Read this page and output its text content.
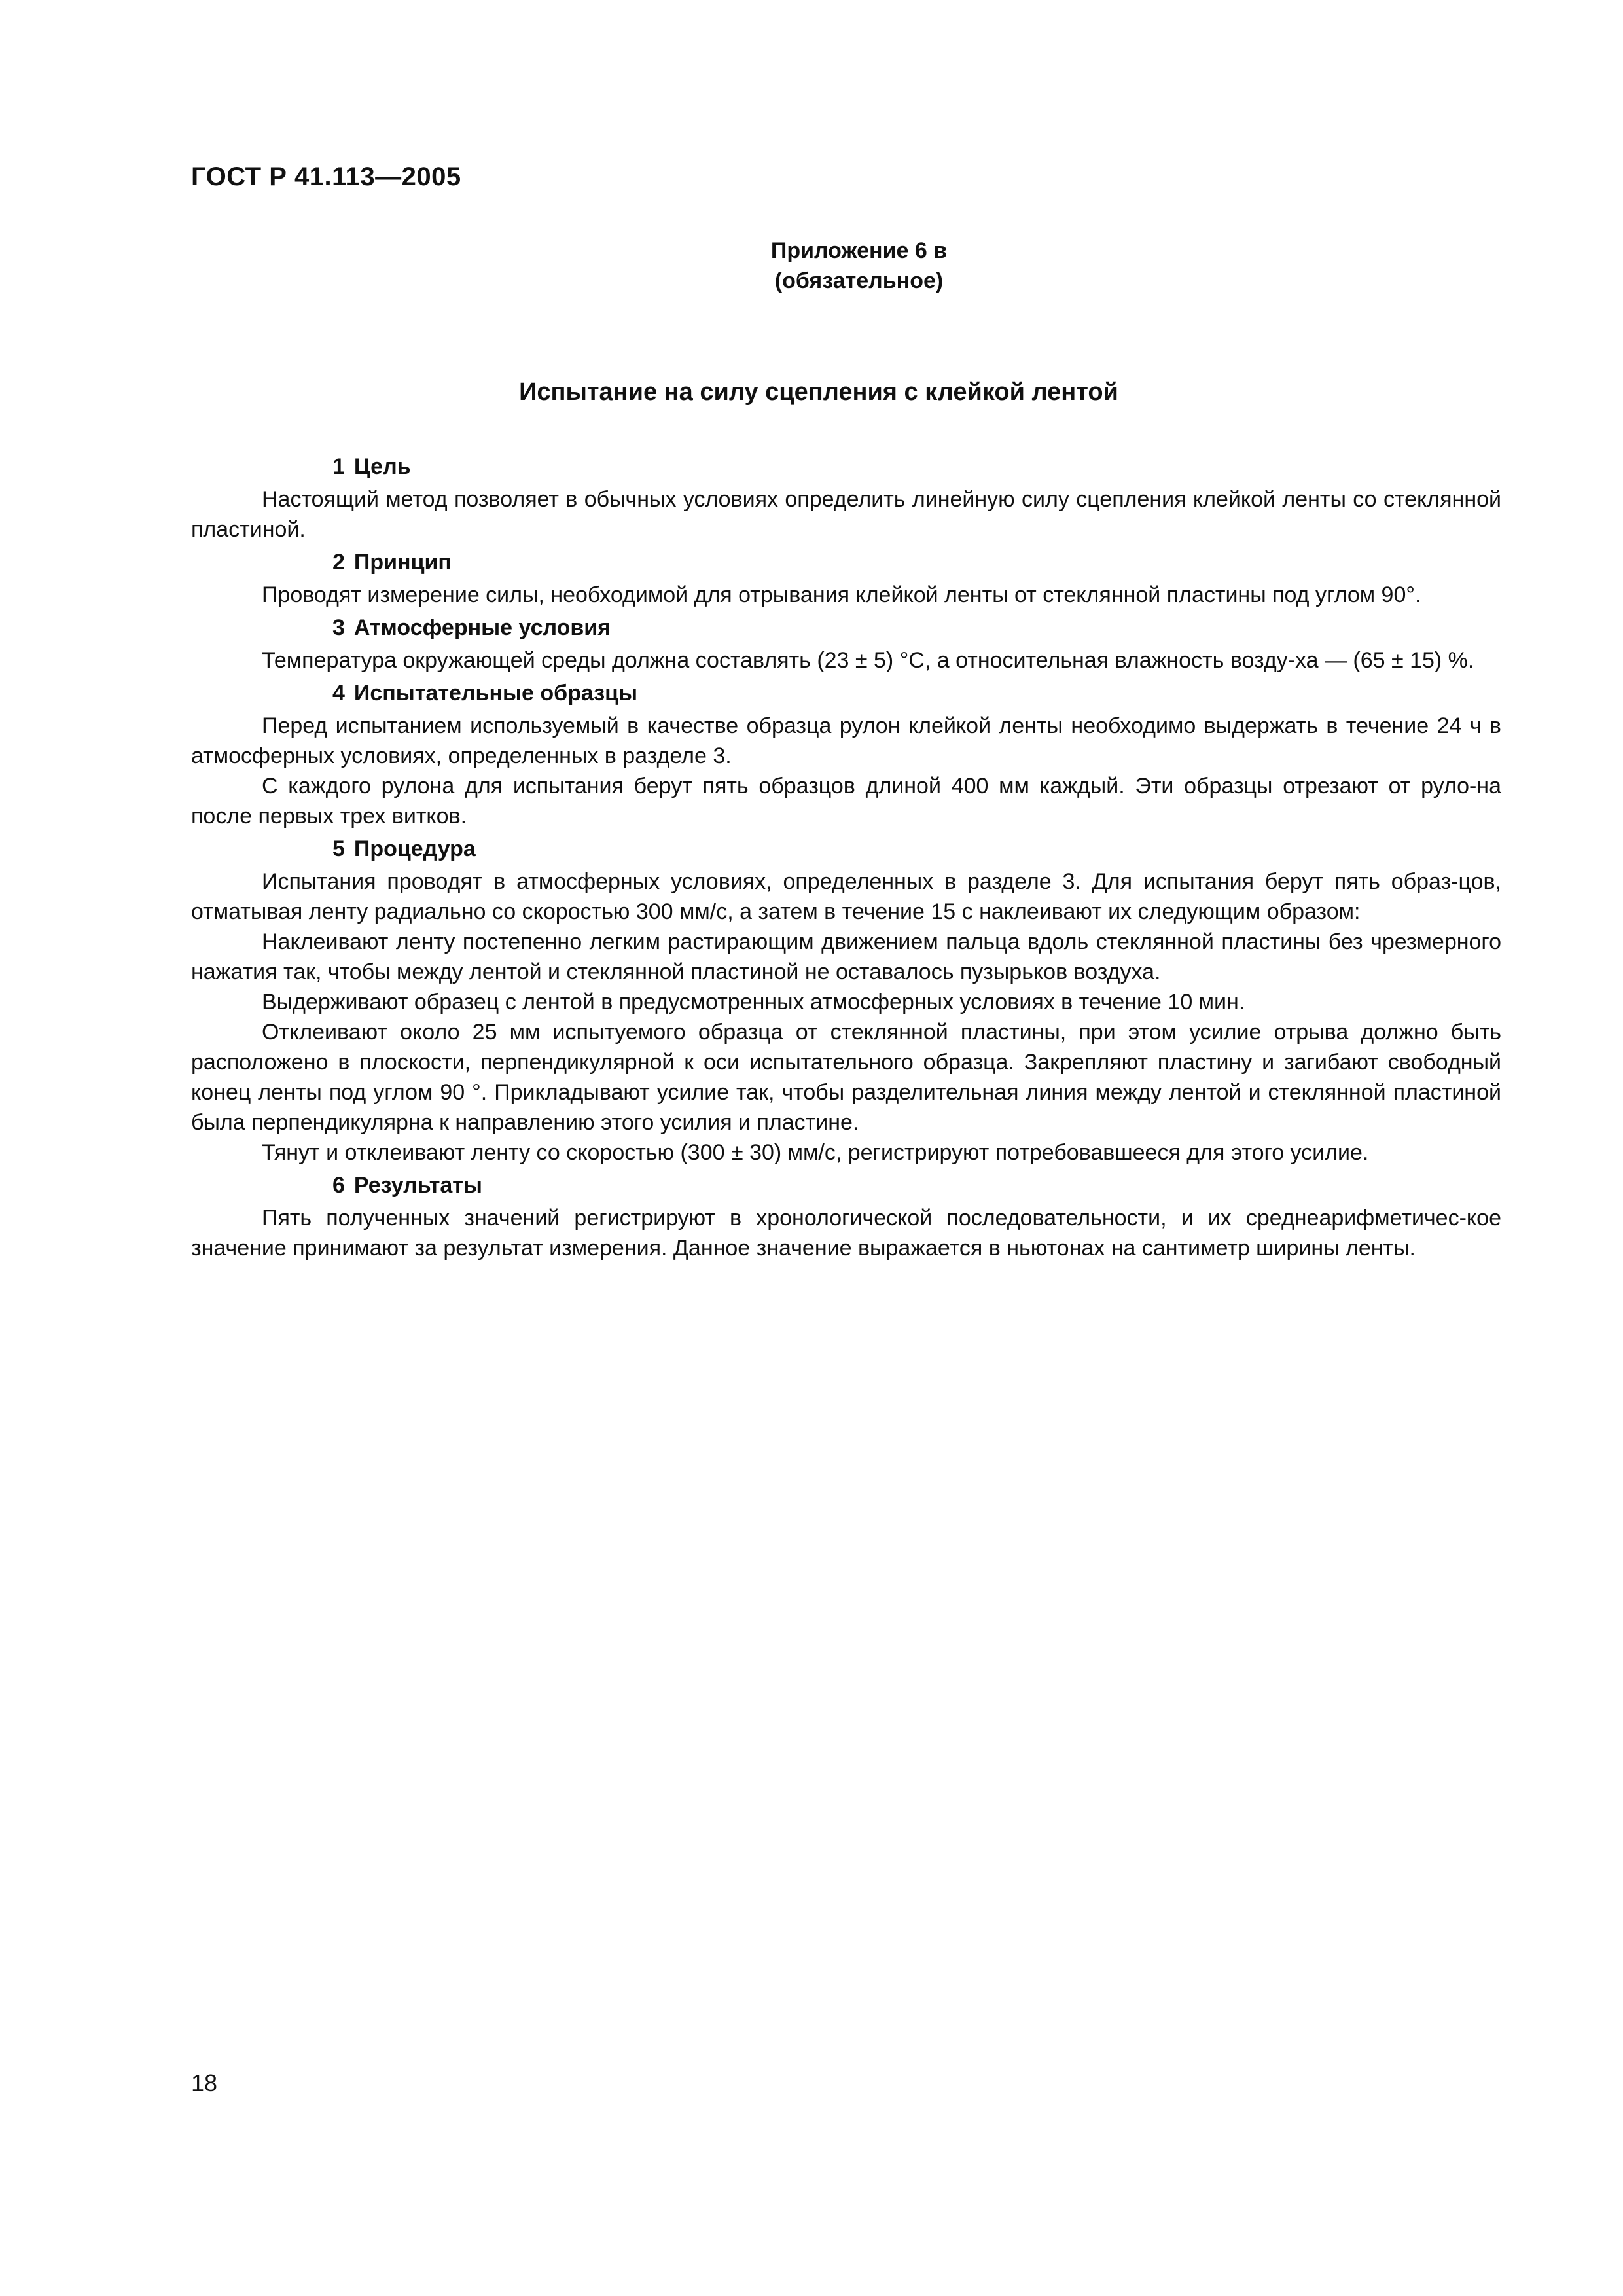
ГОСТ Р 41.113—2005
Приложение 6 в
(обязательное)
Испытание на силу сцепления с клейкой лентой
1 Цель

Настоящий метод позволяет в обычных условиях определить линейную силу сцепления клейкой ленты со стеклянной пластиной.

2 Принцип

Проводят измерение силы, необходимой для отрывания клейкой ленты от стеклянной пластины под углом 90°.

3 Атмосферные условия

Температура окружающей среды должна составлять (23 ± 5) °С, а относительная влажность возду-ха — (65 ± 15) %.

4 Испытательные образцы

Перед испытанием используемый в качестве образца рулон клейкой ленты необходимо выдержать в течение 24 ч в атмосферных условиях, определенных в разделе 3.

С каждого рулона для испытания берут пять образцов длиной 400 мм каждый. Эти образцы отрезают от руло-на после первых трех витков.

5 Процедура

Испытания проводят в атмосферных условиях, определенных в разделе 3. Для испытания берут пять образ-цов, отматывая ленту радиально со скоростью 300 мм/с, а затем в течение 15 с наклеивают их следующим образом:

Наклеивают ленту постепенно легким растирающим движением пальца вдоль стеклянной пластины без чрезмерного нажатия так, чтобы между лентой и стеклянной пластиной не оставалось пузырьков воздуха.

Выдерживают образец с лентой в предусмотренных атмосферных условиях в течение 10 мин.

Отклеивают около 25 мм испытуемого образца от стеклянной пластины, при этом усилие отрыва должно быть расположено в плоскости, перпендикулярной к оси испытательного образца. Закрепляют пластину и загибают свободный конец ленты под углом 90 °. Прикладывают усилие так, чтобы разделительная линия между лентой и стеклянной пластиной была перпендикулярна к направлению этого усилия и пластине.

Тянут и отклеивают ленту со скоростью (300 ± 30) мм/с, регистрируют потребовавшееся для этого усилие.

6 Результаты

Пять полученных значений регистрируют в хронологической последовательности, и их среднеарифметичес-кое значение принимают за результат измерения. Данное значение выражается в ньютонах на сантиметр ширины ленты.

18
